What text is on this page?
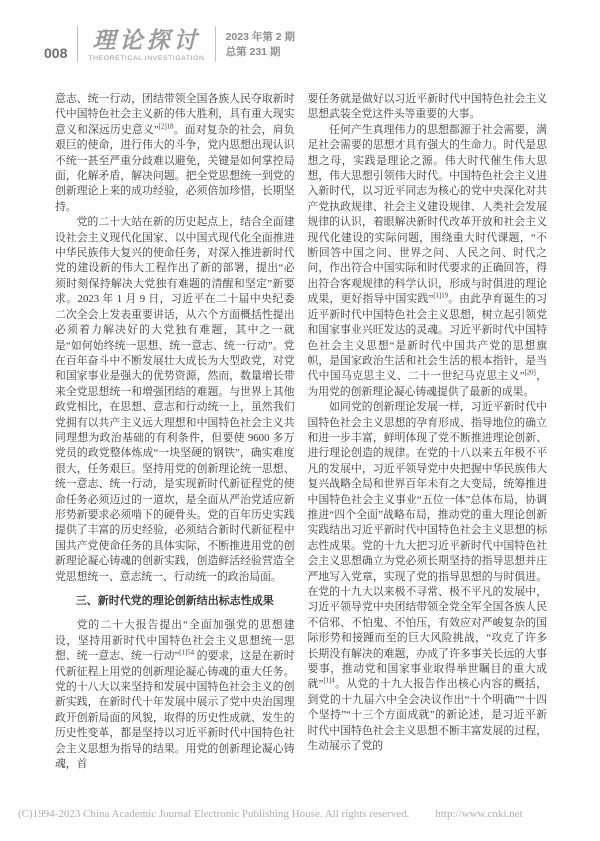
008 理论探讨
THEORETICAL INVESTIGATION
2023 年第 2 期
总第 231 期

意志、统一行动，团结带领全国各族人民夺取新时代中国特色社会主义新的伟大胜利，具有重大现实意义和深远历史意义”$^{[2]18}$。面对复杂的社会，肩负艰巨的使命，进行伟大的斗争，党内思想出现认识不统一甚至严重分歧难以避免，关键是如何掌控局面，化解矛盾，解决问题。把全党思想统一到党的创新理论上来的成功经验，必须倍加珍惜，长期坚持。

党的二十大站在新的历史起点上，结合全面建设社会主义现代化国家、以中国式现代化全面推进中华民族伟大复兴的使命任务，对深入推进新时代党的建设新的伟大工程作出了新的部署，提出“必须时刻保持解决大党独有难题的清醒和坚定”新要求。2023 年 1 月 9 日，习近平在二十届中央纪委二次全会上发表重要讲话，从六个方面概括性提出必须着力解决好的大党独有难题，其中之一就是“如何始终统一思想、统一意志、统一行动”。党在百年奋斗中不断发展壮大成长为大型政党，对党和国家事业是强大的优势资源，然而，数量增长带来全党思想统一和增强团结的难题。与世界上其他政党相比，在思想、意志和行动统一上，虽然我们党拥有以共产主义远大理想和中国特色社会主义共同理想为政治基础的有利条件，但要使 9600 多万党员的政党整体炼成“一块坚硬的钢铁”，确实难度很大，任务艰巨。坚持用党的创新理论统一思想、统一意志、统一行动，是实现新时代新征程党的使命任务必须迈过的一道坎，是全面从严治党适应新形势新要求必须啃下的硬骨头。党的百年历史实践提供了丰富的历史经验，必须结合新时代新征程中国共产党使命任务的具体实际，不断推进用党的创新理论凝心铸魂的创新实践，创造鲜活经验营造全党思想统一、意志统一、行动统一的政治局面。

三、新时代党的理论创新结出标志性成果

党的二十大报告提出“全面加强党的思想建设，坚持用新时代中国特色社会主义思想统一思想、统一意志、统一行动”$^{[1]54}$ 的要求，这是在新时代新征程上用党的创新理论凝心铸魂的重大任务。党的十八大以来坚持和发展中国特色社会主义的创新实践，在新时代十年发展中展示了党中央治国理政开创新局面的风貌，取得的历史性成就、发生的历史性变革，都是坚持以习近平新时代中国特色社会主义思想为指导的结果。用党的创新理论凝心铸魂，首

要任务就是做好以习近平新时代中国特色社会主义思想武装全党这件头等重要的大事。

任何产生真理伟力的思想都源于社会需要，满足社会需要的思想才具有强大的生命力。时代是思想之母，实践是理论之源。伟大时代催生伟大思想，伟大思想引领伟大时代。中国特色社会主义进入新时代，以习近平同志为核心的党中央深化对共产党执政规律、社会主义建设规律、人类社会发展规律的认识，着眼解决新时代改革开放和社会主义现代化建设的实际问题，围绕重大时代课题，“不断回答中国之问、世界之问、人民之问、时代之问，作出符合中国实际和时代要求的正确回答，得出符合客观规律的科学认识，形成与时俱进的理论成果，更好指导中国实践”$^{[1]19}$。由此孕育诞生的习近平新时代中国特色社会主义思想，树立起引领党和国家事业兴旺发达的灵魂。习近平新时代中国特色社会主义思想“是新时代中国共产党的思想旗帜，是国家政治生活和社会生活的根本指针，是当代中国马克思主义、二十一世纪马克思主义”[20]，为用党的创新理论凝心铸魂提供了最新的成果。

如同党的创新理论发展一样，习近平新时代中国特色社会主义思想的孕育形成、指导地位的确立和进一步丰富，鲜明体现了党不断推进理论创新、进行理论创造的规律。在党的十八以来五年极不平凡的发展中，习近平领导党中央把握中华民族伟大复兴战略全局和世界百年未有之大变局，统筹推进中国特色社会主义事业“五位一体”总体布局，协调推进“四个全面”战略布局，推动党的重大理论创新实践结出习近平新时代中国特色社会主义思想的标志性成果。党的十九大把习近平新时代中国特色社会主义思想确立为党必须长期坚持的指导思想并庄严地写入党章，实现了党的指导思想的与时俱进。在党的十九大以来极不寻常、极不平凡的发展中，习近平领导党中央团结带领全党全军全国各族人民不信邪、不怕鬼、不怕压，有效应对严峻复杂的国际形势和接踵而至的巨大风险挑战，“攻克了许多长期没有解决的难题，办成了许多事关长远的大事要事，推动党和国家事业取得举世瞩目的重大成就”$^{[1]4}$。从党的十九大报告作出核心内容的概括，到党的十九届六中全会决议作出“十个明确”“十四个坚持”“十三个方面成就”的新论述，是习近平新时代中国特色社会主义思想不断丰富发展的过程，生动展示了党的

(C)1994-2023 China Academic Journal Electronic Publishing House. All rights reserved. http://www.cnki.net
